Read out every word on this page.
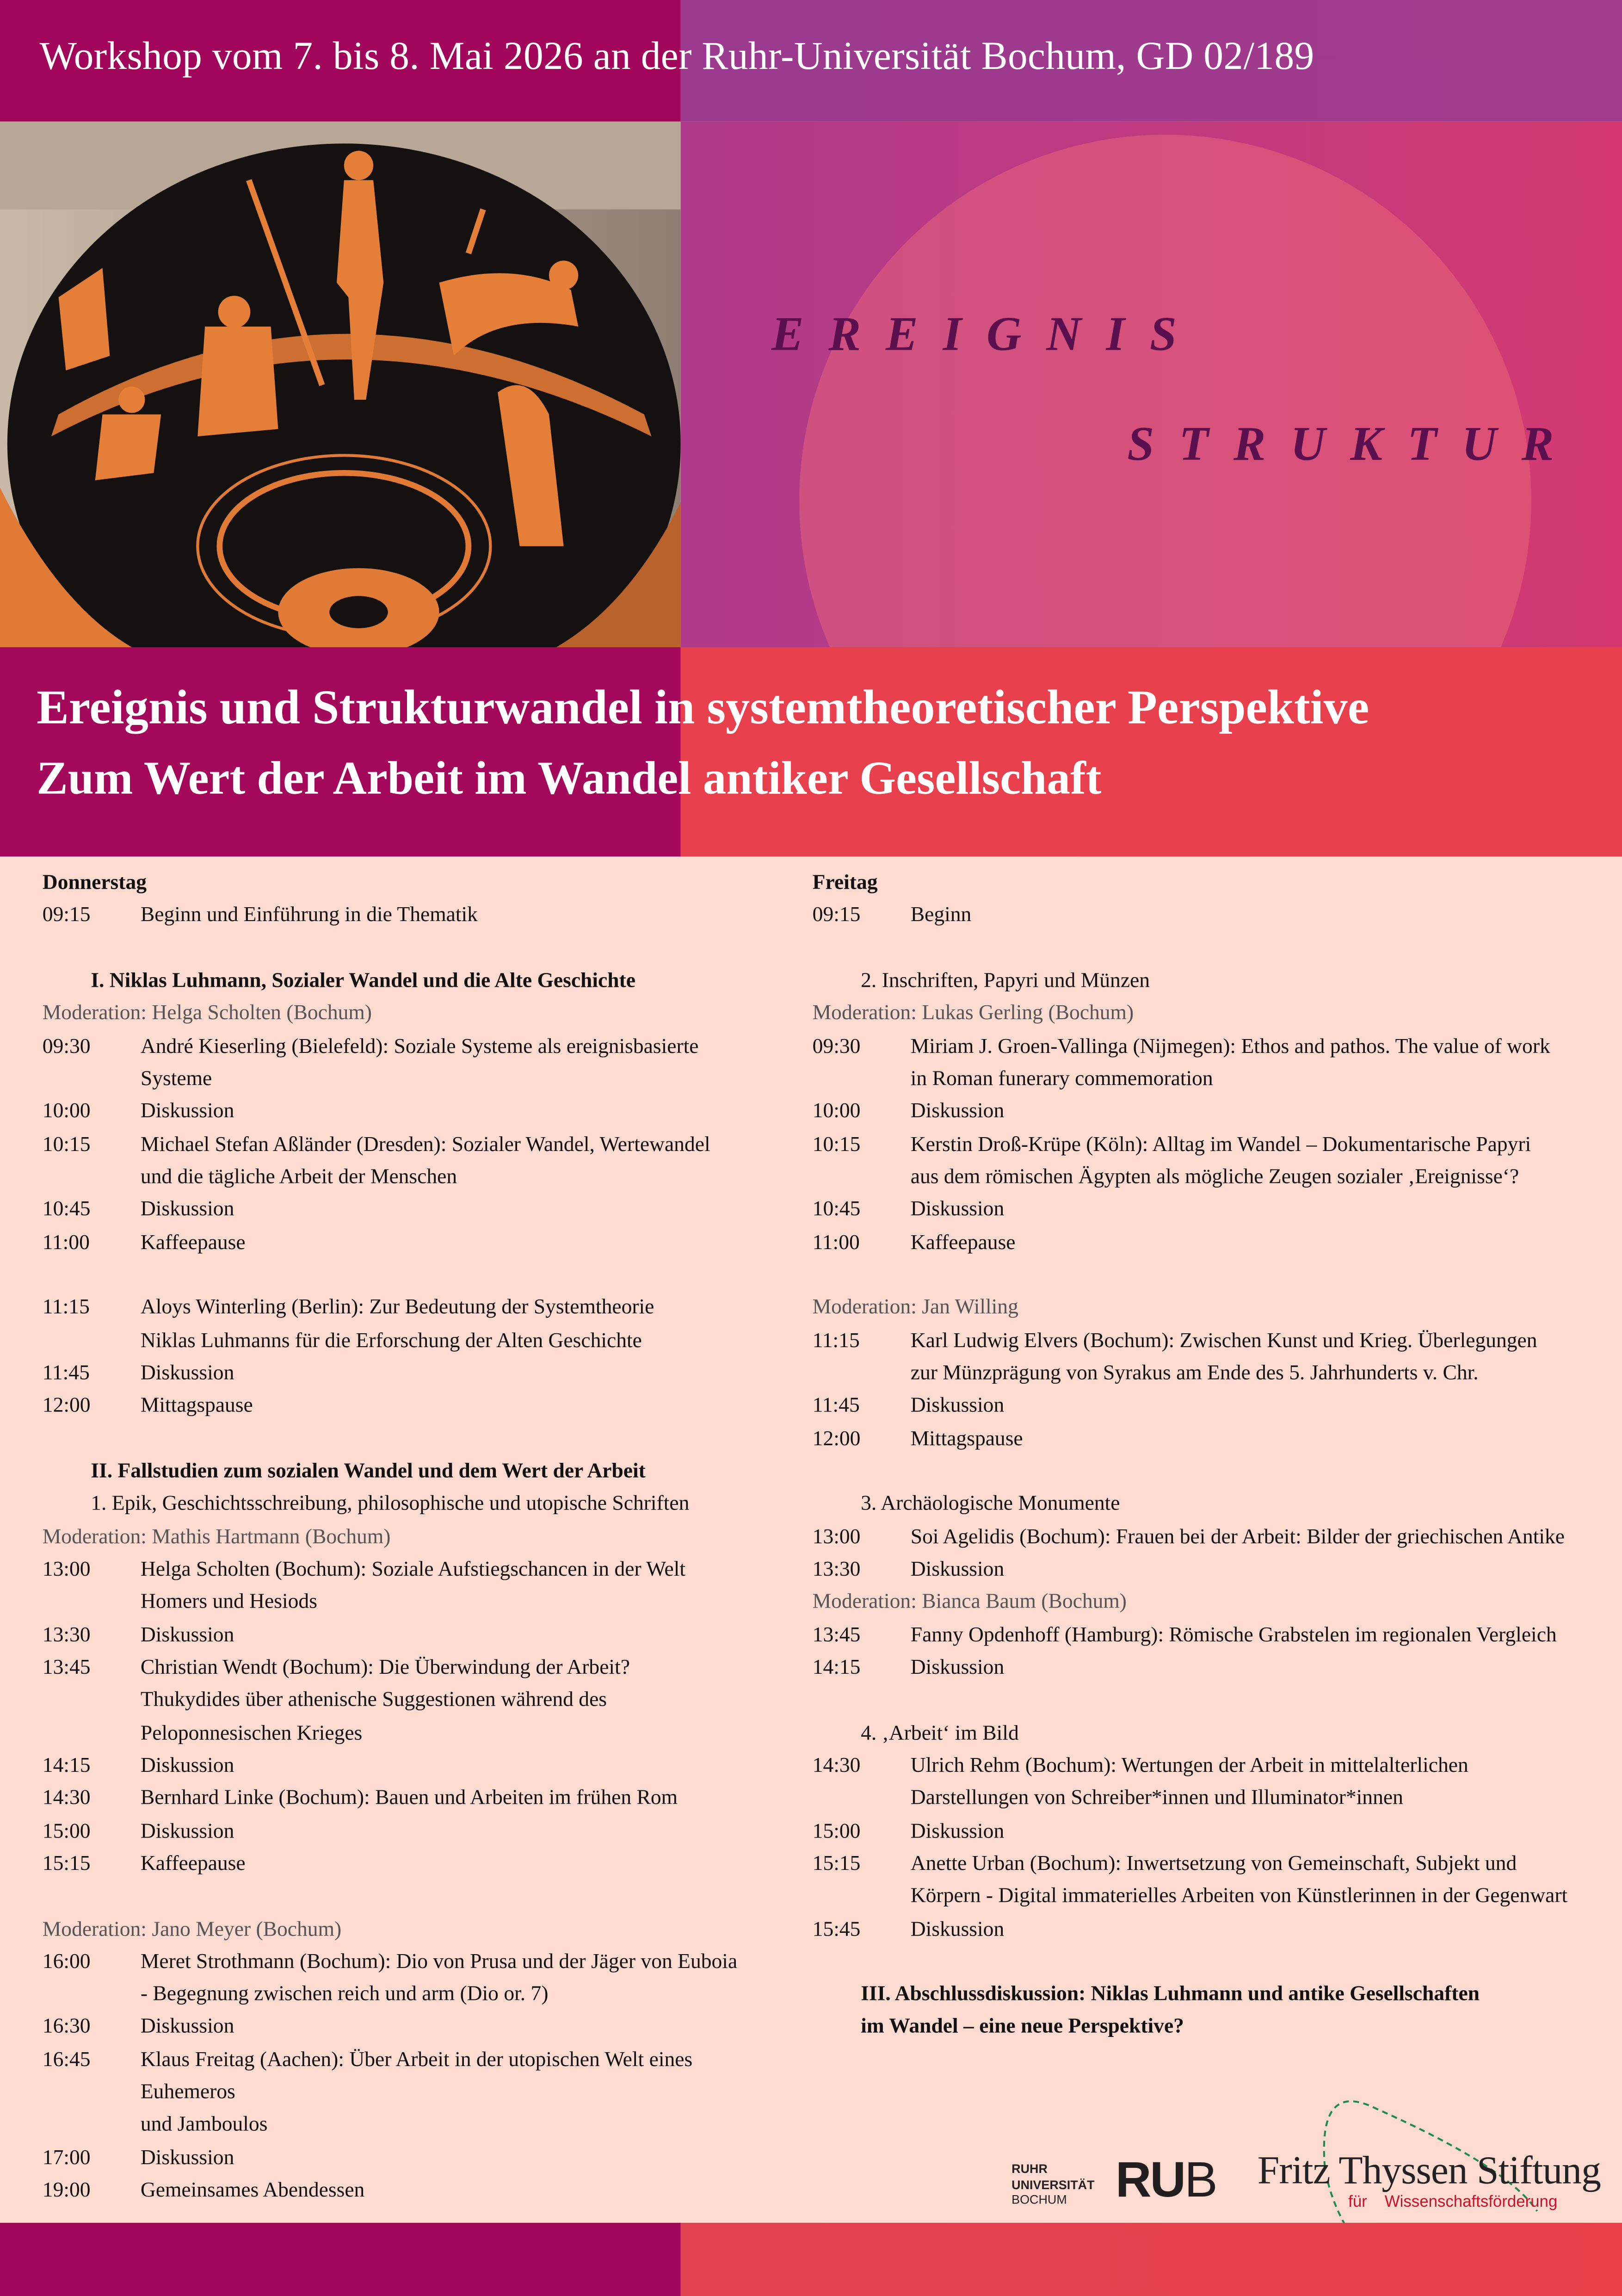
Workshop vom 7. bis 8. Mai 2026 an der Ruhr-Universität Bochum, GD 02/189
EREIGNIS
STRUKTUR
Ereignis und Strukturwandel in systemtheoretischer Perspektive
Zum Wert der Arbeit im Wandel antiker Gesellschaft
Donnerstag
09:15	Beginn und Einführung in die Thematik
I. Niklas Luhmann, Sozialer Wandel und die Alte Geschichte
Moderation: Helga Scholten (Bochum)
09:30	André Kieserling (Bielefeld): Soziale Systeme als ereignisbasierte
Systeme
10:00	Diskussion
10:15	Michael Stefan Aßländer (Dresden): Sozialer Wandel, Wertewandel
und die tägliche Arbeit der Menschen
10:45	Diskussion
11:00	Kaffeepause
11:15	Aloys Winterling (Berlin): Zur Bedeutung der Systemtheorie
Niklas Luhmanns für die Erforschung der Alten Geschichte
11:45	Diskussion
12:00	Mittagspause
II. Fallstudien zum sozialen Wandel und dem Wert der Arbeit
1. Epik, Geschichtsschreibung, philosophische und utopische Schriften
Moderation: Mathis Hartmann (Bochum)
13:00	Helga Scholten (Bochum): Soziale Aufstiegschancen in der Welt
Homers und Hesiods
13:30	Diskussion
13:45	Christian Wendt (Bochum): Die Überwindung der Arbeit?
Thukydides über athenische Suggestionen während des
Peloponnesischen Krieges
14:15	Diskussion
14:30	Bernhard Linke (Bochum): Bauen und Arbeiten im frühen Rom
15:00	Diskussion
15:15	Kaffeepause
Moderation: Jano Meyer (Bochum)
16:00	Meret Strothmann (Bochum): Dio von Prusa und der Jäger von Euboia
- Begegnung zwischen reich und arm (Dio or. 7)
16:30	Diskussion
16:45	Klaus Freitag (Aachen): Über Arbeit in der utopischen Welt eines
Euhemeros
und Jamboulos
17:00	Diskussion
19:00	Gemeinsames Abendessen
Freitag
09:15	Beginn
2. Inschriften, Papyri und Münzen
Moderation: Lukas Gerling (Bochum)
09:30	Miriam J. Groen-Vallinga (Nijmegen): Ethos and pathos. The value of work
in Roman funerary commemoration
10:00	Diskussion
10:15	Kerstin Droß-Krüpe (Köln): Alltag im Wandel – Dokumentarische Papyri
aus dem römischen Ägypten als mögliche Zeugen sozialer ‚Ereignisse‘?
10:45	Diskussion
11:00	Kaffeepause
Moderation: Jan Willing
11:15	Karl Ludwig Elvers (Bochum): Zwischen Kunst und Krieg. Überlegungen
zur Münzprägung von Syrakus am Ende des 5. Jahrhunderts v. Chr.
11:45	Diskussion
12:00	Mittagspause
3. Archäologische Monumente
13:00	Soi Agelidis (Bochum): Frauen bei der Arbeit: Bilder der griechischen Antike
13:30	Diskussion
Moderation: Bianca Baum (Bochum)
13:45	Fanny Opdenhoff (Hamburg): Römische Grabstelen im regionalen Vergleich
14:15	Diskussion
4. ‚Arbeit‘ im Bild
14:30	Ulrich Rehm (Bochum): Wertungen der Arbeit in mittelalterlichen
Darstellungen von Schreiber*innen und Illuminator*innen
15:00	Diskussion
15:15	Anette Urban (Bochum): Inwertsetzung von Gemeinschaft, Subjekt und
Körpern - Digital immaterielles Arbeiten von Künstlerinnen in der Gegenwart
15:45	Diskussion
III. Abschlussdiskussion: Niklas Luhmann und antike Gesellschaften
im Wandel – eine neue Perspektive?
RUHR
UNIVERSITÄT
BOCHUM	RUB	Fritz Thyssen Stiftung
für	Wissenschaftsförderung
